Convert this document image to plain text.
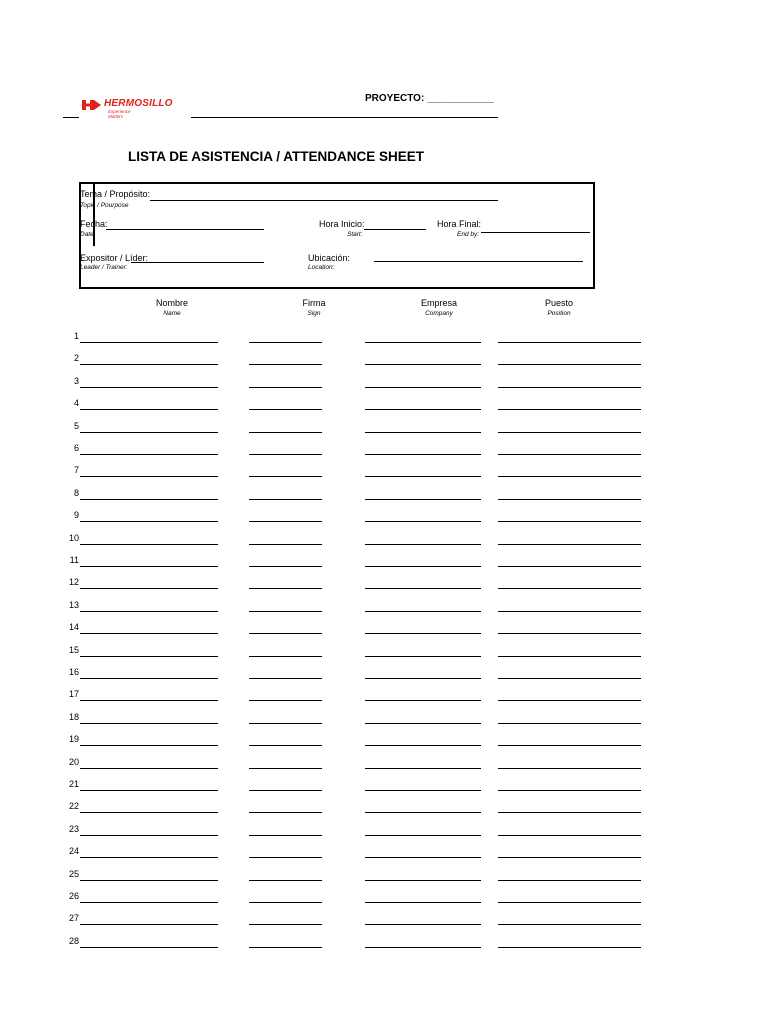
HERMOSILLO
Experience Matters
PROYECTO: ____________
LISTA DE ASISTENCIA / ATTENDANCE SHEET
Tema / Propósito:
Topic / Pourpose
Fecha:
Date
Hora Inicio:
Start:
Hora Final:
End by:
Expositor / Líder:
Leader / Trainer:
Ubicación:
Location:
Nombre
Name
Firma
Sign
Empresa
Company
Puesto
Position
1
2
3
4
5
6
7
8
9
10
11
12
13
14
15
16
17
18
19
20
21
22
23
24
25
26
27
28
